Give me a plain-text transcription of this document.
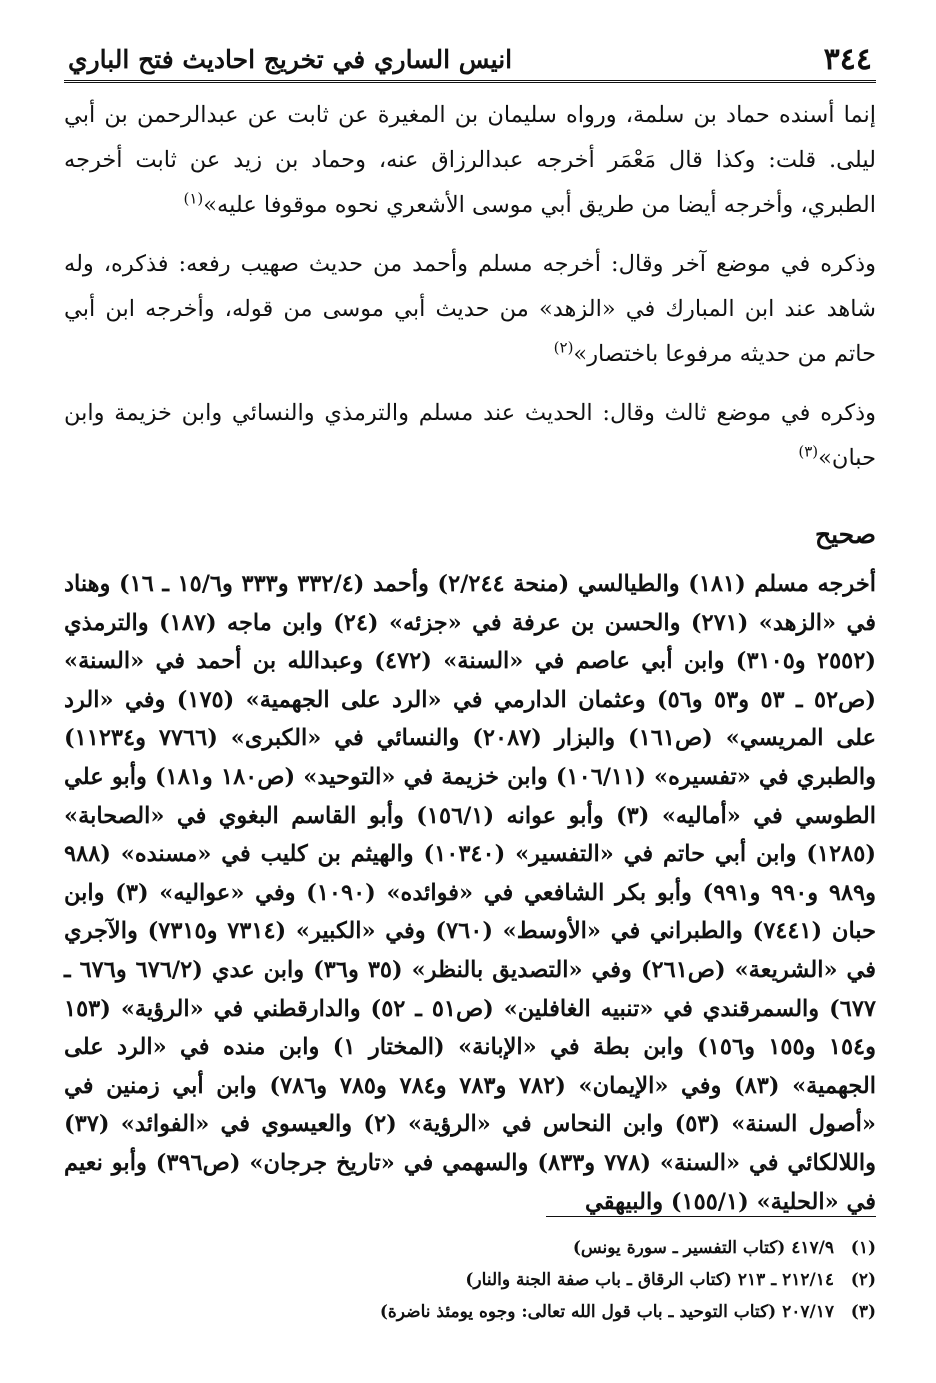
٣٤٤
انيس الساري في تخريج احاديث فتح الباري

إنما أسنده حماد بن سلمة، ورواه سليمان بن المغيرة عن ثابت عن عبدالرحمن بن أبي ليلى. قلت: وكذا قال مَعْمَر أخرجه عبدالرزاق عنه، وحماد بن زيد عن ثابت أخرجه الطبري، وأخرجه أيضا من طريق أبي موسى الأشعري نحوه موقوفا عليه»$^{(١)}$

وذكره في موضع آخر وقال: أخرجه مسلم وأحمد من حديث صهيب رفعه: فذكره، وله شاهد عند ابن المبارك في «الزهد» من حديث أبي موسى من قوله، وأخرجه ابن أبي حاتم من حديثه مرفوعا باختصار»$^{(٢)}$

وذكره في موضع ثالث وقال: الحديث عند مسلم والترمذي والنسائي وابن خزيمة وابن حبان»$^{(٣)}$

صحيح

أخرجه مسلم (١٨١) والطيالسي (منحة ٢/٢٤٤) وأحمد (٣٣٢/٤ و٣٣٣ و١٥/٦ ـ ١٦) وهناد في «الزهد» (٢٧١) والحسن بن عرفة في «جزئه» (٢٤) وابن ماجه (١٨٧) والترمذي (٢٥٥٢ و٣١٠٥) وابن أبي عاصم في «السنة» (٤٧٢) وعبدالله بن أحمد في «السنة» (ص٥٢ ـ ٥٣ و٥٣ و٥٦) وعثمان الدارمي في «الرد على الجهمية» (١٧٥) وفي «الرد على المريسي» (ص١٦١) والبزار (٢٠٨٧) والنسائي في «الكبرى» (٧٧٦٦ و١١٢٣٤) والطبري في «تفسيره» (١٠٦/١١) وابن خزيمة في «التوحيد» (ص١٨٠ و١٨١) وأبو علي الطوسي في «أماليه» (٣) وأبو عوانه (١٥٦/١) وأبو القاسم البغوي في «الصحابة» (١٢٨٥) وابن أبي حاتم في «التفسير» (١٠٣٤٠) والهيثم بن كليب في «مسنده» (٩٨٨ و٩٨٩ و٩٩٠ و٩٩١) وأبو بكر الشافعي في «فوائده» (١٠٩٠) وفي «عواليه» (٣) وابن حبان (٧٤٤١) والطبراني في «الأوسط» (٧٦٠) وفي «الكبير» (٧٣١٤ و٧٣١٥) والآجري في «الشريعة» (ص٢٦١) وفي «التصديق بالنظر» (٣٥ و٣٦) وابن عدي (٦٧٦/٢ و٦٧٦ ـ ٦٧٧) والسمرقندي في «تنبيه الغافلين» (ص٥١ ـ ٥٢) والدارقطني في «الرؤية» (١٥٣ و١٥٤ و١٥٥ و١٥٦) وابن بطة في «الإبانة» (المختار ١) وابن منده في «الرد على الجهمية» (٨٣) وفي «الإيمان» (٧٨٢ و٧٨٣ و٧٨٤ و٧٨٥ و٧٨٦) وابن أبي زمنين في «أصول السنة» (٥٣) وابن النحاس في «الرؤية» (٢) والعيسوي في «الفوائد» (٣٧) واللالكائي في «السنة» (٧٧٨ و٨٣٣) والسهمي في «تاريخ جرجان» (ص٣٩٦) وأبو نعيم في «الحلية» (١٥٥/١) والبيهقي

(١)
٤١٧/٩ (كتاب التفسير ـ سورة يونس)
(٢)
٢١٢/١٤ ـ ٢١٣ (كتاب الرقاق ـ باب صفة الجنة والنار)
(٣)
٢٠٧/١٧ (كتاب التوحيد ـ باب قول الله تعالى: وجوه يومئذ ناضرة)
